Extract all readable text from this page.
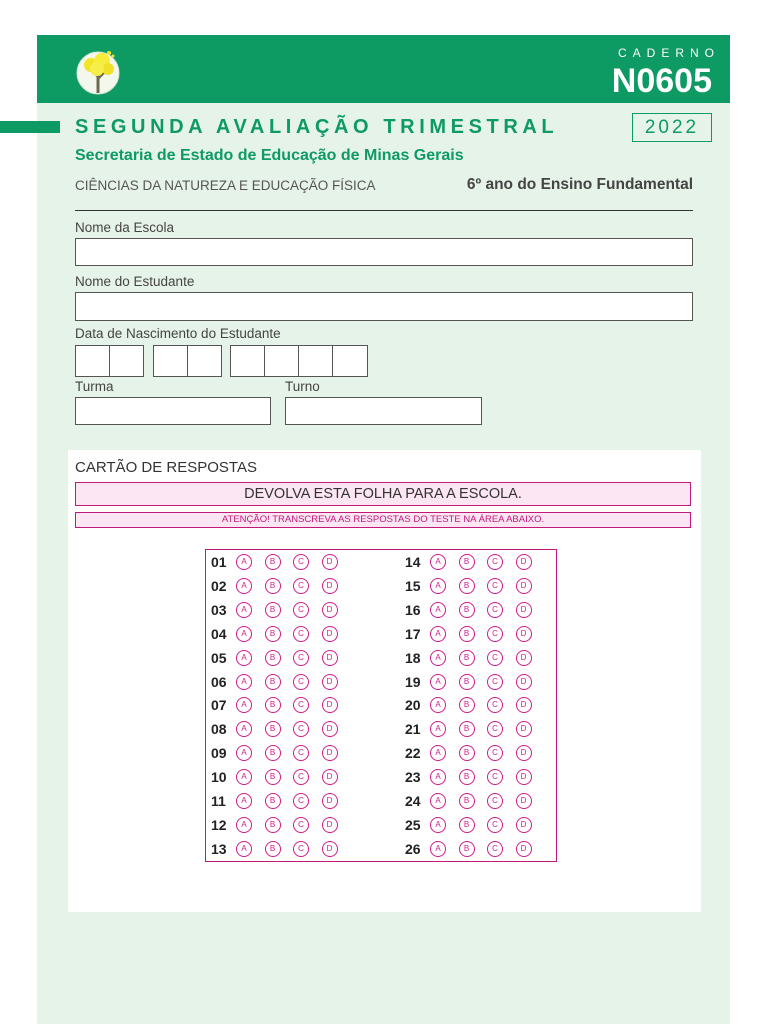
CADERNO
N0605
SEGUNDA AVALIAÇÃO TRIMESTRAL	2022
Secretaria de Estado de Educação de Minas Gerais
CIÊNCIAS DA NATUREZA E EDUCAÇÃO FÍSICA	6º ano do Ensino Fundamental
Nome da Escola
Nome do Estudante
Data de Nascimento do Estudante
Turma	Turno
CARTÃO DE RESPOSTAS
DEVOLVA ESTA FOLHA PARA A ESCOLA.
ATENÇÃO! TRANSCREVA AS RESPOSTAS DO TESTE NA ÁREA ABAIXO.
01	A	B	C	D
02	A	B	C	D
03	A	B	C	D
04	A	B	C	D
05	A	B	C	D
06	A	B	C	D
07	A	B	C	D
08	A	B	C	D
09	A	B	C	D
10	A	B	C	D
11	A	B	C	D
12	A	B	C	D
13	A	B	C	D
14	A	B	C	D
15	A	B	C	D
16	A	B	C	D
17	A	B	C	D
18	A	B	C	D
19	A	B	C	D
20	A	B	C	D
21	A	B	C	D
22	A	B	C	D
23	A	B	C	D
24	A	B	C	D
25	A	B	C	D
26	A	B	C	D
